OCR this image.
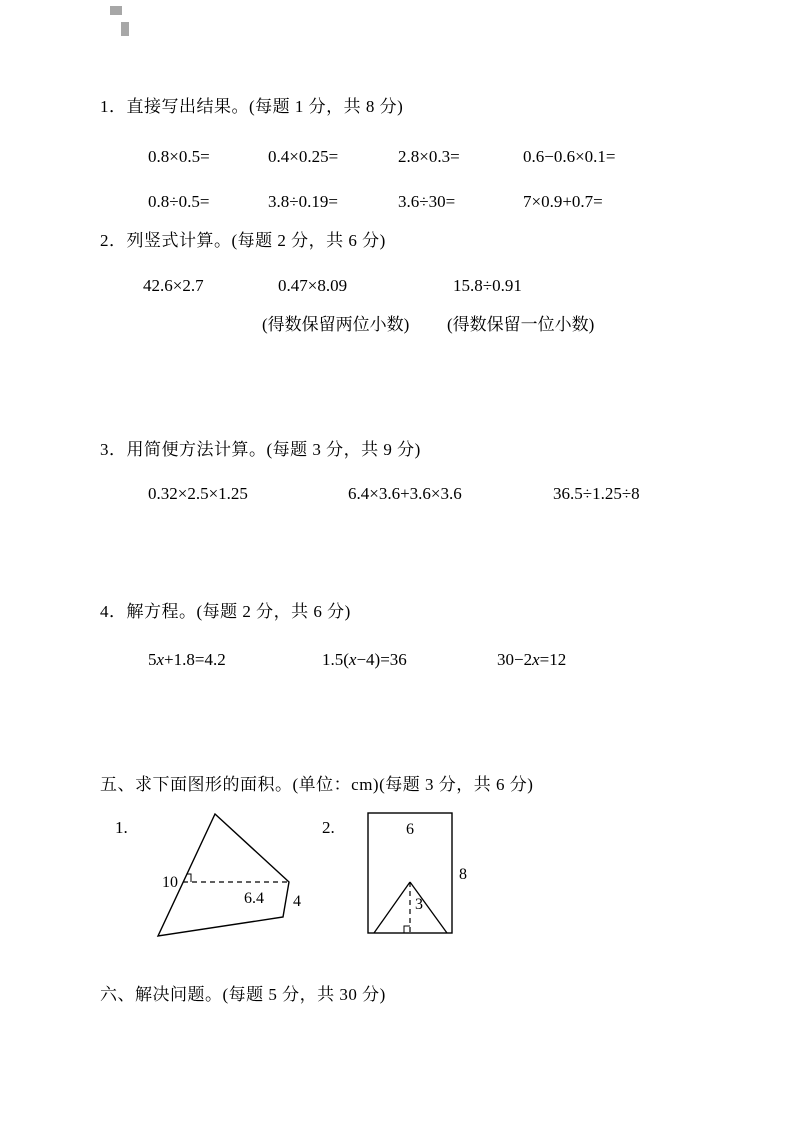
1．直接写出结果。(每题 1 分，共 8 分)
0.8×0.5=	0.4×0.25=	2.8×0.3=	0.6−0.6×0.1=
0.8÷0.5=	3.8÷0.19=	3.6÷30=	7×0.9+0.7=
2．列竖式计算。(每题 2 分，共 6 分)
42.6×2.7	0.47×8.09	15.8÷0.91
(得数保留两位小数) (得数保留一位小数)
3．用简便方法计算。(每题 3 分，共 9 分)
0.32×2.5×1.25	6.4×3.6+3.6×3.6	36.5÷1.25÷8
4．解方程。(每题 2 分，共 6 分)
5x+1.8=4.2	1.5(x−4)=36	30−2x=12
五、求下面图形的面积。(单位：cm)(每题 3 分，共 6 分)
1.	2.
10
6.4 4
6
8
3
六、解决问题。(每题 5 分，共 30 分)
